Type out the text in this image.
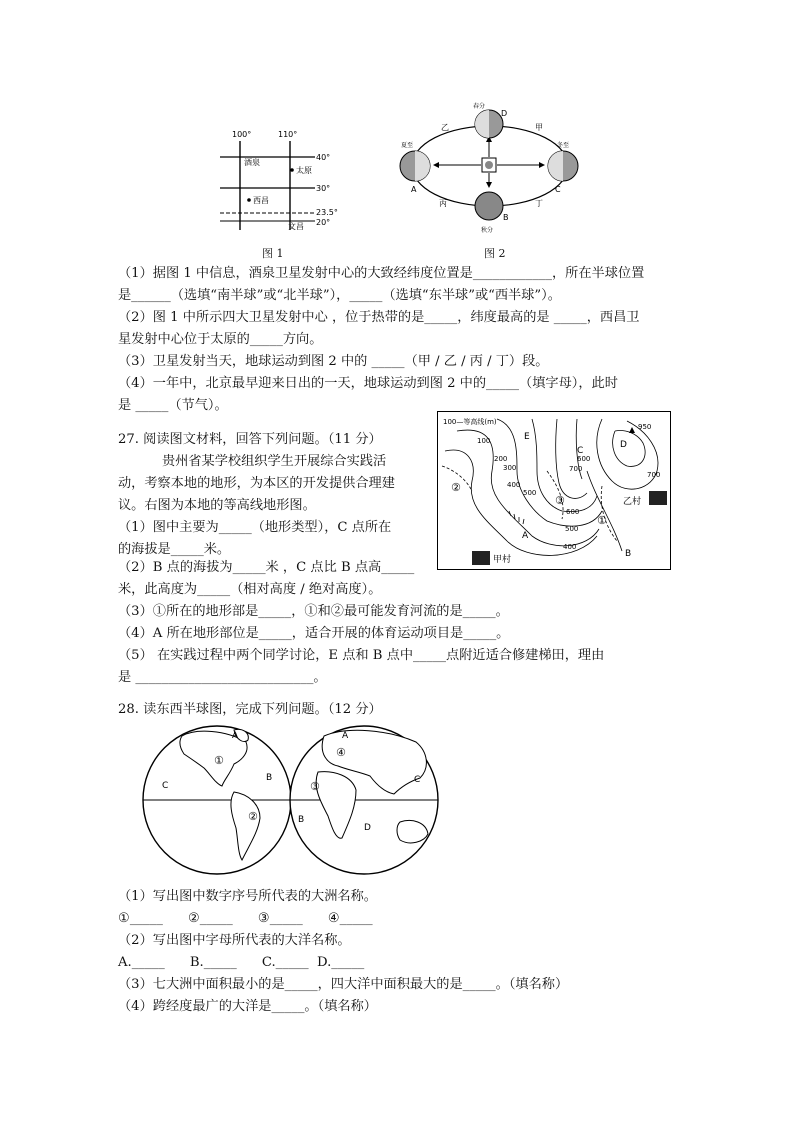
100°	110°
40°
30°
23.5°
20°
酒泉
太原
西昌
文昌
图 1
春分
D
夏至
A
冬至
C
B
秋分
乙	甲
丙	丁
图 2
（1）据图 1 中信息，酒泉卫星发射中心的大致经纬度位置是____________，所在半球位置
是______（选填“南半球”或“北半球”），_____（选填“东半球”或“西半球”）。
（2）图 1 中所示四大卫星发射中心 ，位于热带的是_____，纬度最高的是 _____，西昌卫
星发射中心位于太原的_____方向。
（3）卫星发射当天，地球运动到图 2 中的 _____（甲 / 乙 / 丙 / 丁）段。
（4）一年中，北京最早迎来日出的一天，地球运动到图 2 中的_____（填字母），此时
是 _____（节气）。
27. 阅读图文材料，回答下列问题。（11 分）
贵州省某学校组织学生开展综合实践活
动，考察本地的地形，为本区的开发提供合理建
议。右图为本地的等高线地形图。
（1）图中主要为_____（地形类型），C 点所在
的海拔是_____米。
（2）B 点的海拔为_____米 ，C 点比 B 点高_____
米，此高度为_____（相对高度 / 绝对高度）。
（3）①所在的地形部是_____，①和②最可能发育河流的是_____。
（4）A 所在地形部位是_____，适合开展的体育运动项目是_____。
（5） 在实践过程中两个同学讨论，E 点和 B 点中_____点附近适合修建梯田，理由
是 ___________________________。
100—等高线(m)
100
200
300
400
500
600
700
500
600
400
950
700
E
C
D
A
B
②
③
①
乙村
甲村
28. 读东西半球图，完成下列问题。（12 分）
A
①
B
C
②
A
④
③	C
B
D
（1）写出图中数字序号所代表的大洲名称。
①_____      ②_____      ③_____      ④_____
（2）写出图中字母所代表的大洋名称。
A._____      B._____      C._____  D._____
（3）七大洲中面积最小的是_____，四大洋中面积最大的是_____。（填名称）
（4）跨经度最广的大洋是_____。（填名称）
